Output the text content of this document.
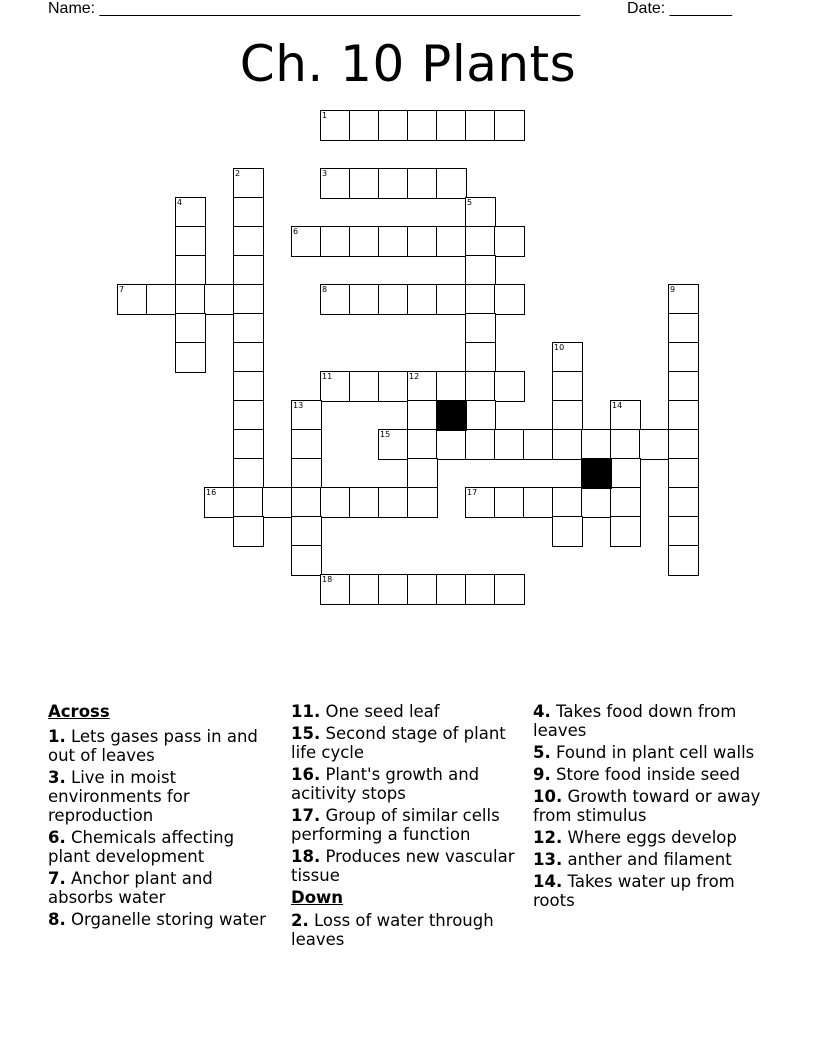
Name: ______________________________________________________	Date: _______
Ch. 10 Plants
1
2	3
4	5
6
7	8	9
10
11	12
13	14
15
16	17
18
Across
1. Lets gases pass in and out of leaves
3. Live in moist environments for reproduction
6. Chemicals affecting plant development
7. Anchor plant and absorbs water
8. Organelle storing water
11. One seed leaf
15. Second stage of plant life cycle
16. Plant's growth and acitivity stops
17. Group of similar cells performing a function
18. Produces new vascular tissue
Down
2. Loss of water through leaves
4. Takes food down from leaves
5. Found in plant cell walls
9. Store food inside seed
10. Growth toward or away from stimulus
12. Where eggs develop
13. anther and filament
14. Takes water up from roots
